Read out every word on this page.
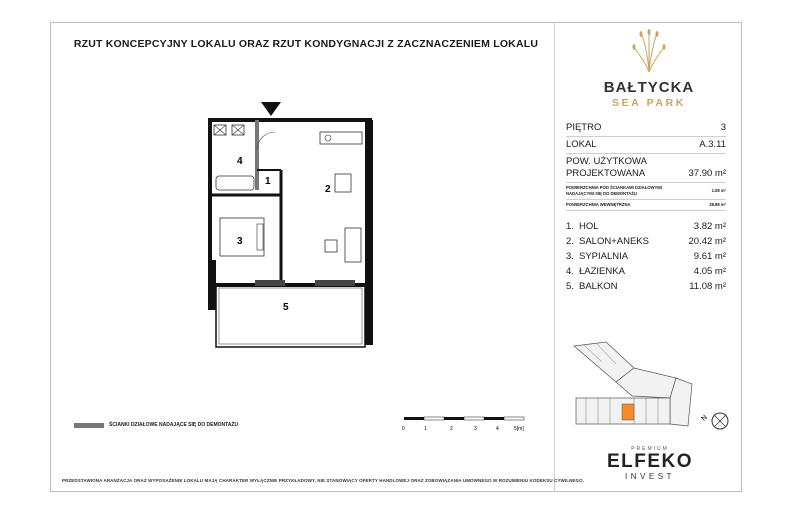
RZUT KONCEPCYJNY LOKALU ORAZ RZUT KONDYGNACJI Z ZACZNACZENIEM LOKALU
4
1
2
3
5
ŚCIANKI DZIAŁOWE NADAJĄCE SIĘ DO DEMONTAŻU
0	1	2	3	4	5[m]
PRZEDSTAWIONA ARANŻACJA ORAZ WYPOSAŻENIE LOKALU MAJĄ CHARAKTER WYŁĄCZNIE PRZYKŁADOWY, NIE STANOWIĄCY OFERTY HANDLOWEJ ORAZ ZOBOWIĄZANIA UMOWNEGO W ROZUMIENIU KODEKSU CYWILNEGO.
BAŁTYCKA
SEA PARK
PIĘTRO	3
LOKAL	A.3.11
POW. UŻYTKOWA
PROJEKTOWANA	37.90 m²
POWIERZCHNIA POD ŚCIANKAMI DZIAŁOWYMI
NADAJĄCYMI SIĘ DO DEMONTAŻU
1.08 m²
POWIERZCHNIA WEWNĘTRZNA	38.98 m²
1. HOL	3.82 m²
2. SALON+ANEKS	20.42 m²
3. SYPIALNIA	9.61 m²
4. ŁAZIENKA	4.05 m²
5. BALKON	11.08 m²
N
PREMIUM
ELFEKO
INVEST
